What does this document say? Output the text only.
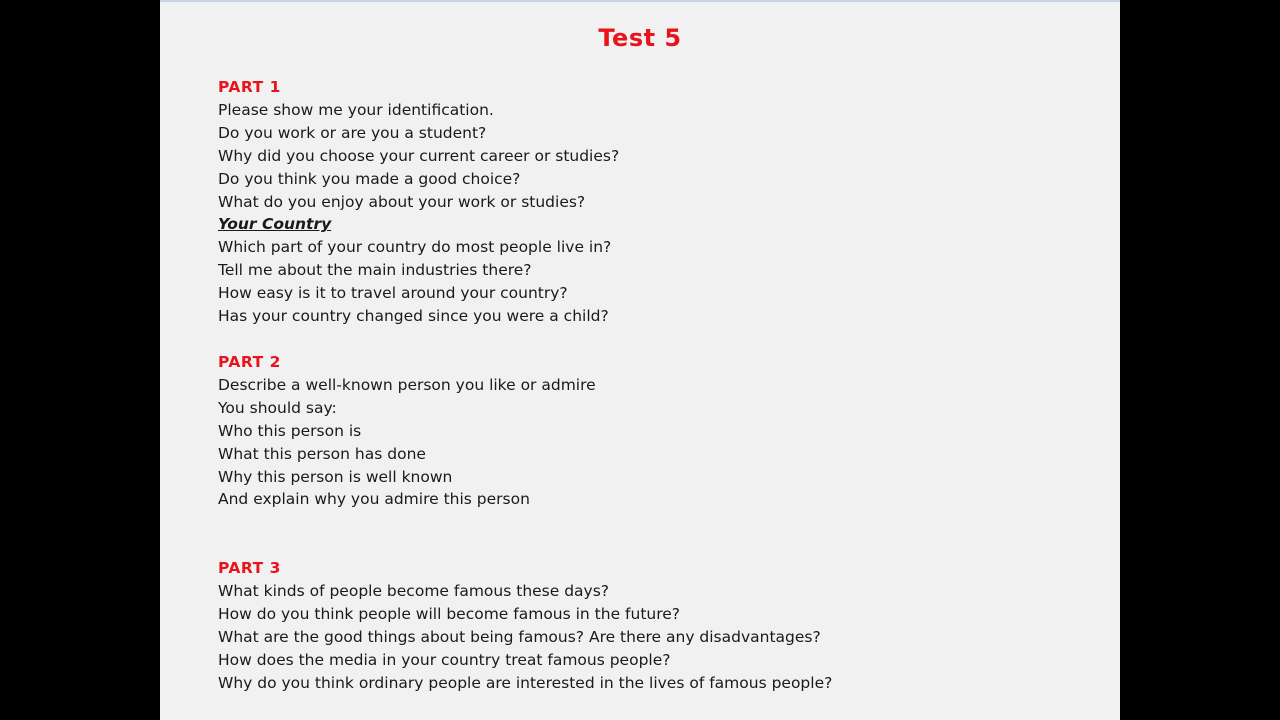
Test 5
PART 1
Please show me your identification.
Do you work or are you a student?
Why did you choose your current career or studies?
Do you think you made a good choice?
What do you enjoy about your work or studies?
Your Country
Which part of your country do most people live in?
Tell me about the main industries there?
How easy is it to travel around your country?
Has your country changed since you were a child?
PART 2
Describe a well-known person you like or admire
You should say:
Who this person is
What this person has done
Why this person is well known
And explain why you admire this person
PART 3
What kinds of people become famous these days?
How do you think people will become famous in the future?
What are the good things about being famous? Are there any disadvantages?
How does the media in your country treat famous people?
Why do you think ordinary people are interested in the lives of famous people?
